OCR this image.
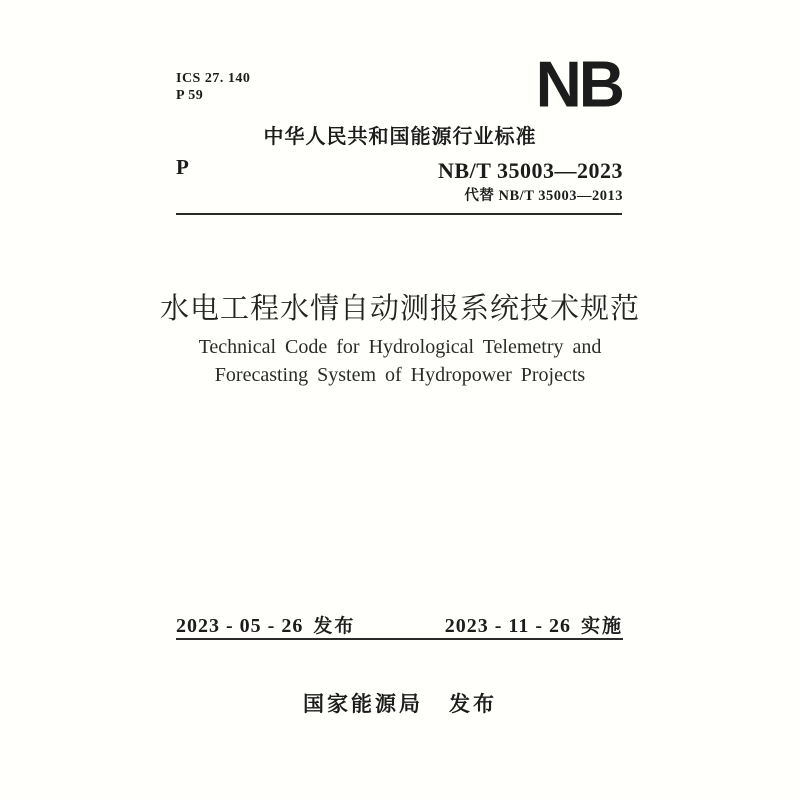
ICS 27. 140
P 59	NB
中华人民共和国能源行业标准
P	NB/T 35003—2023
代替 NB/T 35003—2013
水电工程水情自动测报系统技术规范
Technical Code for Hydrological Telemetry and
Forecasting System of Hydropower Projects
2023 - 05 - 26 发布	2023 - 11 - 26 实施
国家能源局 发布
